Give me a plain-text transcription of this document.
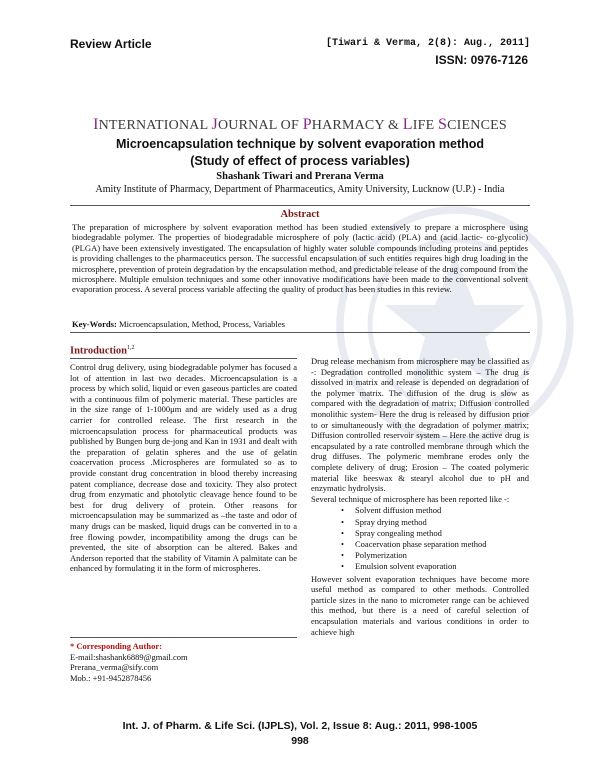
Review Article	[Tiwari & Verma, 2(8): Aug., 2011]
ISSN: 0976-7126
INTERNATIONAL JOURNAL OF PHARMACY & LIFE SCIENCES
Microencapsulation technique by solvent evaporation method
(Study of effect of process variables)
Shashank Tiwari and Prerana Verma
Amity Institute of Pharmacy, Department of Pharmaceutics, Amity University, Lucknow (U.P.) - India
Abstract
The preparation of microsphere by solvent evaporation method has been studied extensively to prepare a microsphere using biodegradable polymer. The properties of biodegradable microsphere of poly (lactic acid) (PLA) and (acid lactic- co-glycolic) (PLGA) have been extensively investigated. The encapsulation of highly water soluble compounds including proteins and peptides is providing challenges to the pharmaceutics person. The successful encapsulation of such entities requires high drug loading in the microsphere, prevention of protein degradation by the encapsulation method, and predictable release of the drug compound from the microsphere. Multiple emulsion techniques and some other innovative modifications have been made to the conventional solvent evaporation process. A several process variable affecting the quality of product has been studies in this review.
Key-Words: Microencapsulation, Method, Process, Variables
Introduction$^{1,2}$
Control drug delivery, using biodegradable polymer has focused a lot of attention in last two decades. Microencapsulation is a process by which solid, liquid or even gaseous particles are coated with a continuous film of polymeric material. These particles are in the size range of 1-1000μm and are widely used as a drug carrier for controlled release. The first research in the microencapsulation process for pharmaceutical products was published by Bungen burg de-jong and Kan in 1931 and dealt with the preparation of gelatin spheres and the use of gelatin coacervation process .Microspheres are formulated so as to provide constant drug concentration in blood thereby increasing patent compliance, decrease dose and toxicity. They also protect drug from enzymatic and photolytic cleavage hence found to be best for drug delivery of protein. Other reasons for microencapsulation may be summarized as –the taste and odor of many drugs can be masked, liquid drugs can be converted in to a free flowing powder, incompatibility among the drugs can be prevented, the site of absorption can be altered. Bakes and Anderson reported that the stability of Vitamin A palmitate can be enhanced by formulating it in the form of microspheres.
Drug release mechanism from microsphere may be classified as -: Degradation controlled monolithic system – The drug is dissolved in matrix and release is depended on degradation of the polymer matrix. The diffusion of the drug is slow as compared with the degradation of matrix; Diffusion controlled monolithic system- Here the drug is released by diffusion prior to or simultaneously with the degradation of polymer matrix; Diffusion controlled reservoir system – Here the active drug is encapsulated by a rate controlled membrane through which the drug diffuses. The polymeric membrane erodes only the complete delivery of drug; Erosion – The coated polymeric material like beeswax & stearyl alcohol due to pH and enzymatic hydrolysis.
Several technique of microsphere has been reported like -:
• Solvent diffusion method
• Spray drying method
• Spray congealing method
• Coacervation phase separation method
• Polymerization
• Emulsion solvent evaporation
However solvent evaporation techniques have become more useful method as compared to other methods. Controlled particle sizes in the nano to micrometer range can be achieved this method, but there is a need of careful selection of encapsulation materials and various conditions in order to achieve high
* Corresponding Author:
E-mail:shashank6889@gmail.com
Prerana_verma@sify.com
Mob.: +91-9452878456
Int. J. of Pharm. & Life Sci. (IJPLS), Vol. 2, Issue 8: Aug.: 2011, 998-1005
998
